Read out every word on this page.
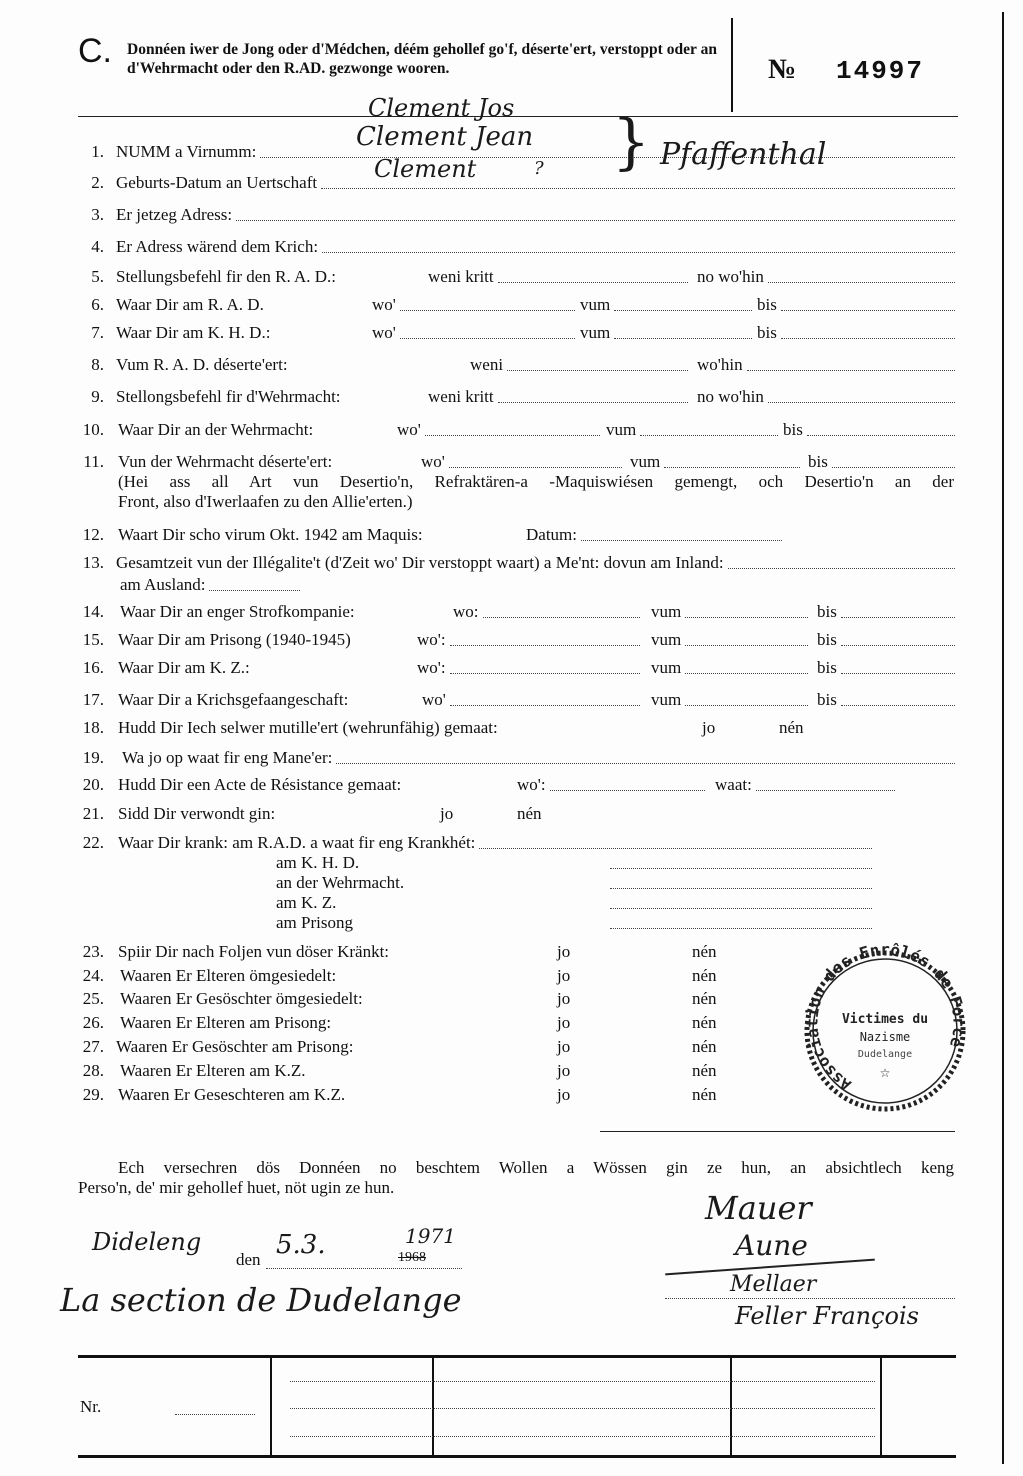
C. Donnéen iwer de Jong oder d'Médchen, déém gehollef go'f, déserte'ert, verstoppt oder an d'Wehrmacht oder den R.AD. gezwonge wooren.	№ 14997
1. NUMM a Virnumm:
2. Geburts-Datum an Uertschaft
3. Er jetzeg Adress:
4. Er Adress wärend dem Krich:
5. Stellungsbefehl fir den R. A. D.:	weni kritt	no wo'hin
6. Waar Dir am R. A. D.	wo'	vum	bis
7. Waar Dir am K. H. D.:	wo'	vum	bis
8. Vum R. A. D. déserte'ert:	weni	wo'hin
9. Stellongsbefehl fir d'Wehrmacht:	weni kritt	no wo'hin
10. Waar Dir an der Wehrmacht:	wo'	vum	bis
11. Vun der Wehrmacht déserte'ert:	wo'	vum	bis
12. Waart Dir scho virum Okt. 1942 am Maquis:	Datum:
13. Gesamtzeit vun der Illégalite't (d'Zeit wo' Dir verstoppt waart) a Me'nt: dovun am Inland:
am Ausland:
14. Waar Dir an enger Strofkompanie:	wo:	vum	bis
15. Waar Dir am Prisong (1940-1945)	wo':	vum	bis
16. Waar Dir am K. Z.:	wo':	vum	bis
17. Waar Dir a Krichsgefaangeschaft:	wo'	vum	bis
18. Hudd Dir Iech selwer mutille'ert (wehrunfähig) gemaat:	jo	nén
19. Wa jo op waat fir eng Mane'er:
20. Hudd Dir een Acte de Résistance gemaat:	wo':	waat:
21. Sidd Dir verwondt gin:	jo	nén
22. Waar Dir krank: am R.A.D. a waat fir eng Krankhét:
am K. H. D.
an der Wehrmacht.
am K. Z.
am Prisong
23. Spiir Dir nach Foljen vun döser Kränkt:	jo	nén
24. Waaren Er Elteren ömgesiedelt:	jo	nén
25. Waaren Er Gesöschter ömgesiedelt:	jo	nén
26. Waaren Er Elteren am Prisong:	jo	nén
27. Waaren Er Gesöschter am Prisong:	jo	nén
28. Waaren Er Elteren am K.Z.	jo	nén
29. Waaren Er Geseschteren am K.Z.	jo	nén
(Hei ass all Art vun Desertio'n, Refraktären-a -Maquiswiésen gemengt, och Desertio'n an der
Front, also d'Iwerlaafen zu den Allie'erten.)
Ech versechren dös Donnéen no beschtem Wollen a Wössen gin ze hun, an absichtlech keng
Perso'n, de' mir gehollef huet, nöt ugin ze hun.
Clement Jos
Clement Jean } Pfaffenthal
Clement	?
Dideleng
den 5.3.	1971
1968
La section de Dudelange
Mauer
Aune
Mellaer
Feller François
Association des Enrôlés de Force
Victimes du
Nazisme
Dudelange
☆
Nr.
